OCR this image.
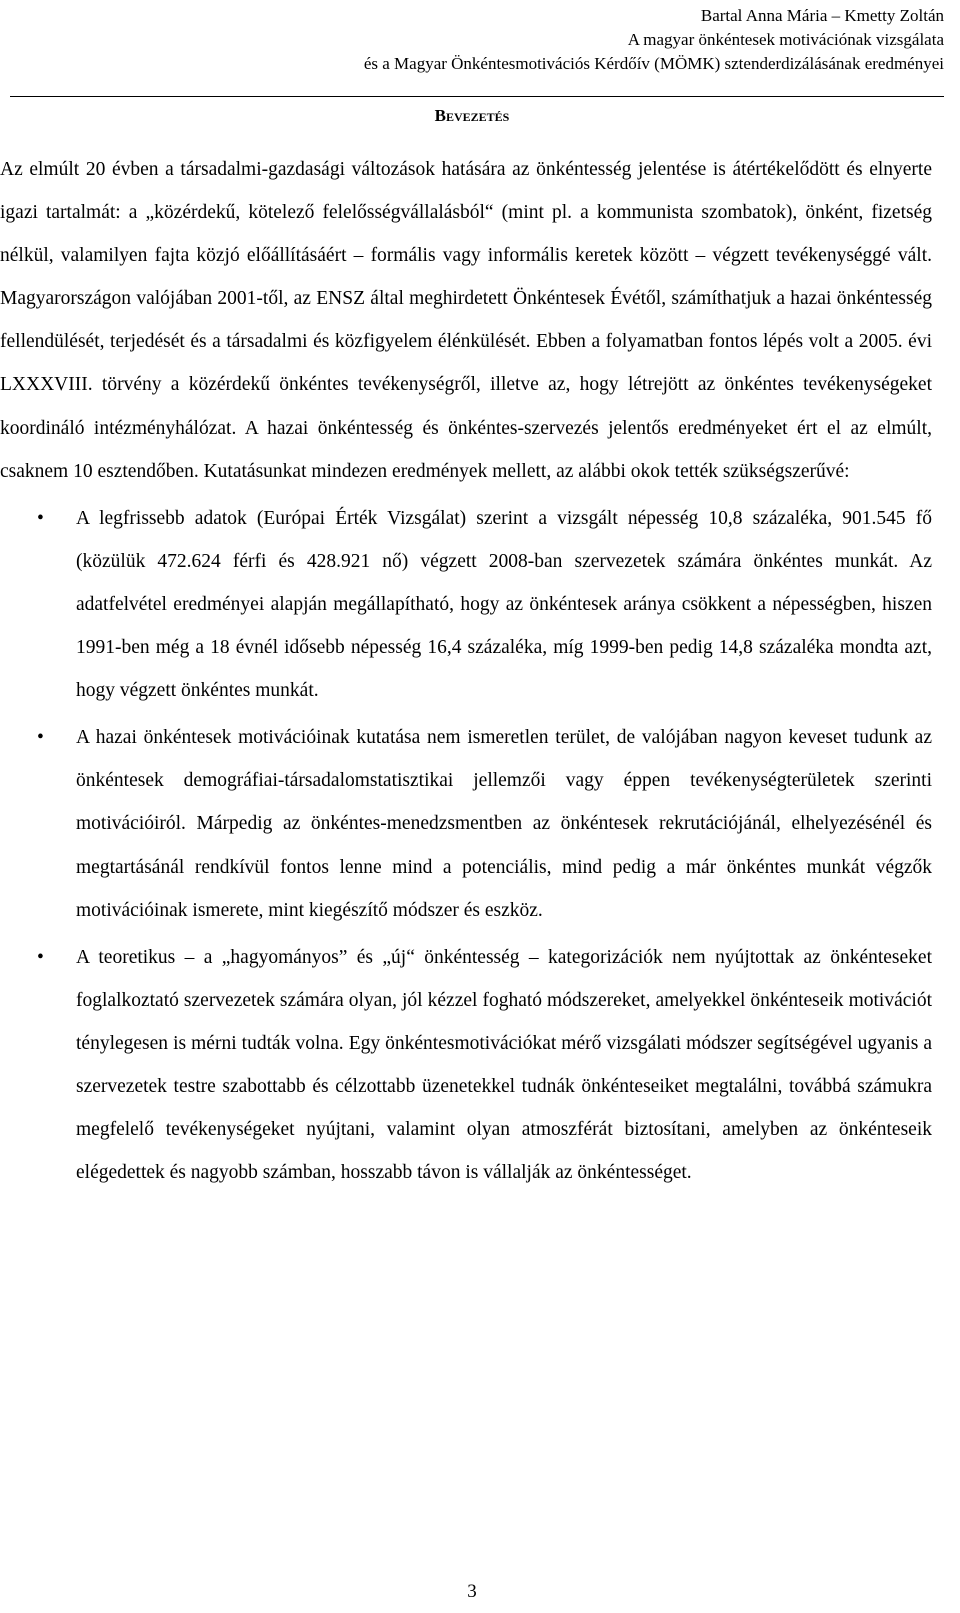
Bartal Anna Mária – Kmetty Zoltán
A magyar önkéntesek motivációnak vizsgálata
és a Magyar Önkéntesmotivációs Kérdőív (MÖMK) sztenderdizálásának eredményei
Bevezetés

Az elmúlt 20 évben a társadalmi-gazdasági változások hatására az önkéntesség jelentése is átértékelődött és elnyerte igazi tartalmát: a „közérdekű, kötelező felelősségvállalásból“ (mint pl. a kommunista szombatok), önként, fizetség nélkül, valamilyen fajta közjó előállításáért – formális vagy informális keretek között – végzett tevékenységgé vált. Magyarországon valójában 2001-től, az ENSZ által meghirdetett Önkéntesek Évétől, számíthatjuk a hazai önkéntesség fellendülését, terjedését és a társadalmi és közfigyelem élénkülését. Ebben a folyamatban fontos lépés volt a 2005. évi LXXXVIII. törvény a közérdekű önkéntes tevékenységről, illetve az, hogy létrejött az önkéntes tevékenységeket koordináló intézményhálózat. A hazai önkéntesség és önkéntes-szervezés jelentős eredményeket ért el az elmúlt, csaknem 10 esztendőben. Kutatásunkat mindezen eredmények mellett, az alábbi okok tették szükségszerűvé:

• A legfrissebb adatok (Európai Érték Vizsgálat) szerint a vizsgált népesség 10,8 százaléka, 901.545 fő (közülük 472.624 férfi és 428.921 nő) végzett 2008-ban szervezetek számára önkéntes munkát. Az adatfelvétel eredményei alapján megállapítható, hogy az önkéntesek aránya csökkent a népességben, hiszen 1991-ben még a 18 évnél idősebb népesség 16,4 százaléka, míg 1999-ben pedig 14,8 százaléka mondta azt, hogy végzett önkéntes munkát.
• A hazai önkéntesek motivációinak kutatása nem ismeretlen terület, de valójában nagyon keveset tudunk az önkéntesek demográfiai-társadalomstatisztikai jellemzői vagy éppen tevékenységterületek szerinti motivációiról. Márpedig az önkéntes-menedzsmentben az önkéntesek rekrutációjánál, elhelyezésénél és megtartásánál rendkívül fontos lenne mind a potenciális, mind pedig a már önkéntes munkát végzők motivációinak ismerete, mint kiegészítő módszer és eszköz.
• A teoretikus – a „hagyományos” és „új“ önkéntesség – kategorizációk nem nyújtottak az önkénteseket foglalkoztató szervezetek számára olyan, jól kézzel fogható módszereket, amelyekkel önkénteseik motivációt ténylegesen is mérni tudták volna. Egy önkéntesmotivációkat mérő vizsgálati módszer segítségével ugyanis a szervezetek testre szabottabb és célzottabb üzenetekkel tudnák önkénteseiket megtalálni, továbbá számukra megfelelő tevékenységeket nyújtani, valamint olyan atmoszférát biztosítani, amelyben az önkénteseik elégedettek és nagyobb számban, hosszabb távon is vállalják az önkéntességet.
3
